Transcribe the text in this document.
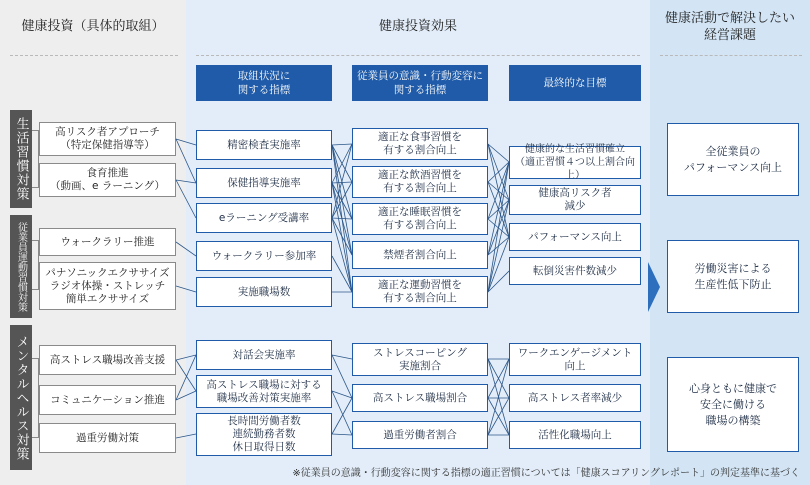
健康投資（具体的取組）	健康投資効果
健康活動で解決したい
経営課題
取組状況に
関する指標
従業員の意識・行動変容に
関する指標
最終的な目標
生活習慣対策
従業員運動習慣対策
メンタルヘルス対策
高リスク者アプローチ
（特定保健指導等）
食育推進
（動画、e ラーニング）
ウォークラリー推進
パナソニックエクササイズ
ラジオ体操・ストレッチ
簡単エクササイズ
高ストレス職場改善支援
コミュニケーション推進
過重労働対策
精密検査実施率
保健指導実施率
eラーニング受講率
ウォークラリー参加率
実施職場数
対話会実施率
高ストレス職場に対する
職場改善対策実施率
長時間労働者数
連続勤務者数
休日取得日数
適正な食事習慣を
有する割合向上
適正な飲酒習慣を
有する割合向上
適正な睡眠習慣を
有する割合向上
禁煙者割合向上
適正な運動習慣を
有する割合向上
ストレスコーピング
実施割合
高ストレス職場割合
過重労働者割合
健康的な生活習慣確立
（適正習慣４つ以上割合向上）
健康高リスク者
減少
パフォーマンス向上
転倒災害件数減少
ワークエンゲージメント
向上
高ストレス者率減少
活性化職場向上
全従業員の
パフォーマンス向上
労働災害による
生産性低下防止
心身ともに健康で
安全に働ける
職場の構築
※従業員の意識・行動変容に関する指標の適正習慣については「健康スコアリングレポート」の判定基準に基づく
